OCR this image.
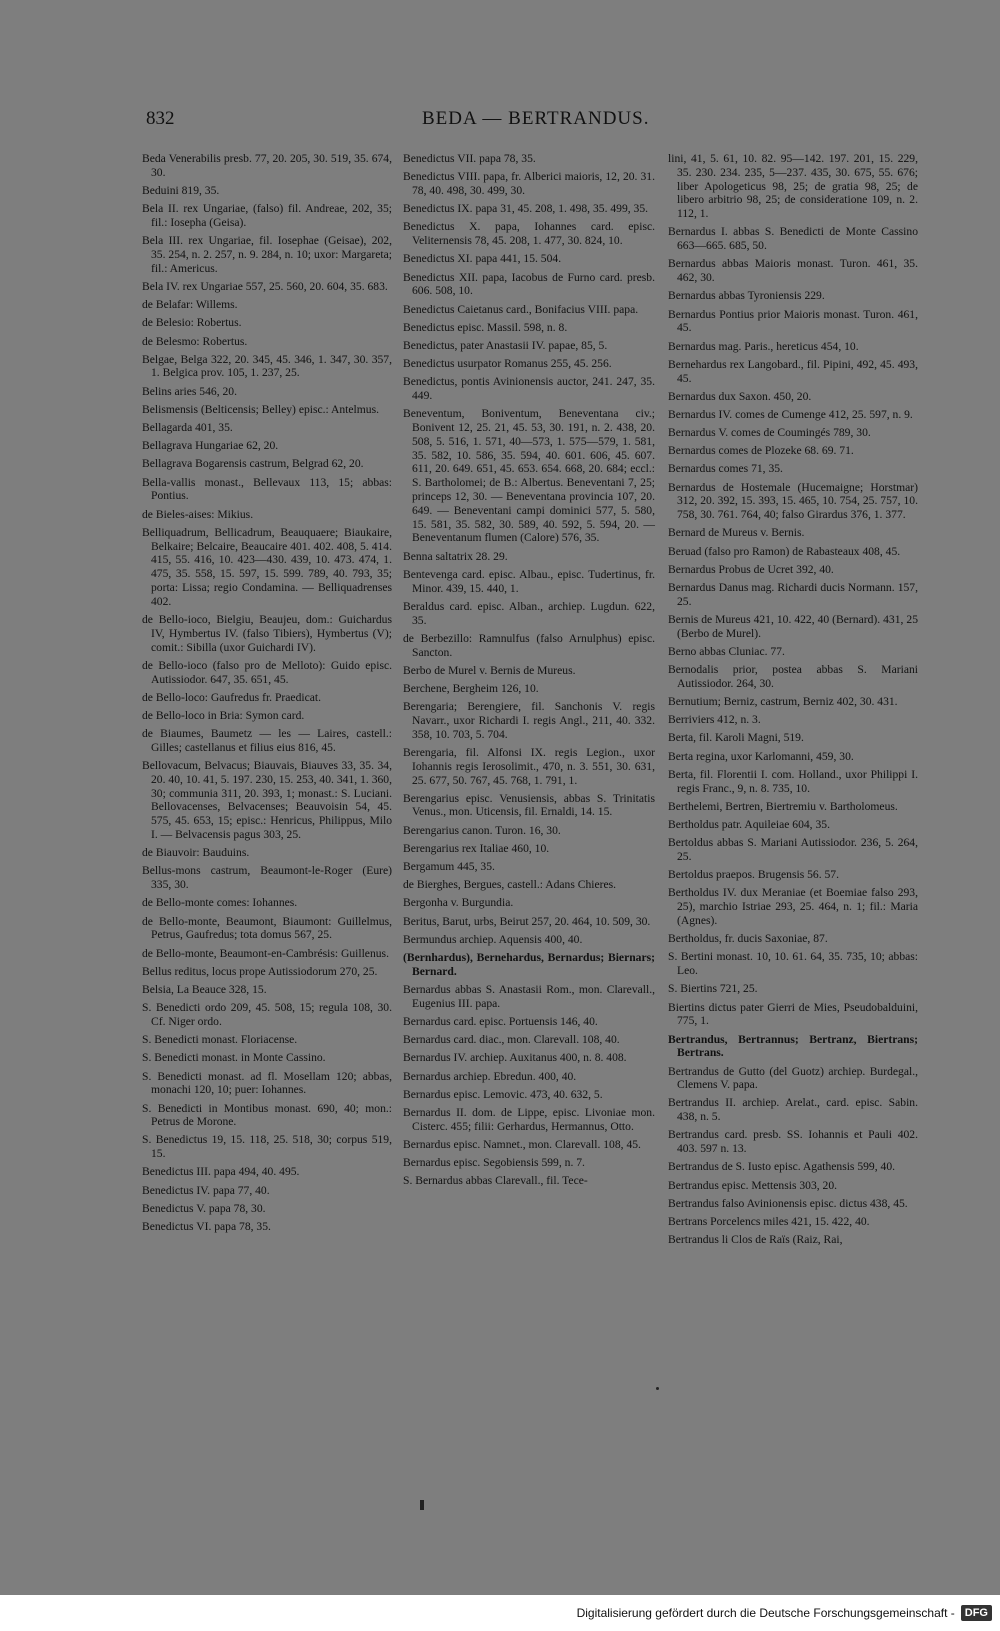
832	BEDA — BERTRANDUS.
Beda Venerabilis presb. 77, 20. 205, 30. 519, 35. 674, 30.
Beduini 819, 35.
Bela II. rex Ungariae, (falso) fil. Andreae, 202, 35; fil.: Iosepha (Geisa).
Bela III. rex Ungariae, fil. Iosephae (Geisae), 202, 35. 254, n. 2. 257, n. 9. 284, n. 10; uxor: Margareta; fil.: Americus.
Bela IV. rex Ungariae 557, 25. 560, 20. 604, 35. 683.
de Belafar: Willems.
de Belesio: Robertus.
de Belesmo: Robertus.
Belgae, Belga 322, 20. 345, 45. 346, 1. 347, 30. 357, 1. Belgica prov. 105, 1. 237, 25.
Belins aries 546, 20.
Belismensis (Belticensis; Belley) episc.: Antelmus.
Bellagarda 401, 35.
Bellagrava Hungariae 62, 20.
Bellagrava Bogarensis castrum, Belgrad 62, 20.
Bella-vallis monast., Bellevaux 113, 15; abbas: Pontius.
de Bieles-aises: Mikius.
Belliquadrum, Bellicadrum, Beauquaere; Biaukaire, Belkaire; Belcaire, Beaucaire 401. 402. 408, 5. 414. 415, 55. 416, 10. 423—430. 439, 10. 473. 474, 1. 475, 35. 558, 15. 597, 15. 599. 789, 40. 793, 35; porta: Lissa; regio Condamina. — Belliquadrenses 402.
de Bello-ioco, Bielgiu, Beaujeu, dom.: Guichardus IV, Hymbertus IV. (falso Tibiers), Hymbertus (V); comit.: Sibilla (uxor Guichardi IV).
de Bello-ioco (falso pro de Melloto): Guido episc. Autissiodor. 647, 35. 651, 45.
de Bello-loco: Gaufredus fr. Praedicat.
de Bello-loco in Bria: Symon card.
de Biaumes, Baumetz — les — Laires, castell.: Gilles; castellanus et filius eius 816, 45.
Bellovacum, Belvacus; Biauvais, Biauves 33, 35. 34, 20. 40, 10. 41, 5. 197. 230, 15. 253, 40. 341, 1. 360, 30; communia 311, 20. 393, 1; monast.: S. Luciani. Bellovacenses, Belvacenses; Beauvoisin 54, 45. 575, 45. 653, 15; episc.: Henricus, Philippus, Milo I. — Belvacensis pagus 303, 25.
de Biauvoir: Bauduins.
Bellus-mons castrum, Beaumont-le-Roger (Eure) 335, 30.
de Bello-monte comes: Iohannes.
de Bello-monte, Beaumont, Biaumont: Guillelmus, Petrus, Gaufredus; tota domus 567, 25.
de Bello-monte, Beaumont-en-Cambrésis: Guillenus.
Bellus reditus, locus prope Autissiodorum 270, 25.
Belsia, La Beauce 328, 15.
S. Benedicti ordo 209, 45. 508, 15; regula 108, 30. Cf. Niger ordo.
S. Benedicti monast. Floriacense.
S. Benedicti monast. in Monte Cassino.
S. Benedicti monast. ad fl. Mosellam 120; abbas, monachi 120, 10; puer: Iohannes.
S. Benedicti in Montibus monast. 690, 40; mon.: Petrus de Morone.
S. Benedictus 19, 15. 118, 25. 518, 30; corpus 519, 15.
Benedictus III. papa 494, 40. 495.
Benedictus IV. papa 77, 40.
Benedictus V. papa 78, 30.
Benedictus VI. papa 78, 35.
Benedictus VII. papa 78, 35.
Benedictus VIII. papa, fr. Alberici maioris, 12, 20. 31. 78, 40. 498, 30. 499, 30.
Benedictus IX. papa 31, 45. 208, 1. 498, 35. 499, 35.
Benedictus X. papa, Iohannes card. episc. Veliternensis 78, 45. 208, 1. 477, 30. 824, 10.
Benedictus XI. papa 441, 15. 504.
Benedictus XII. papa, Iacobus de Furno card. presb. 606. 508, 10.
Benedictus Caietanus card., Bonifacius VIII. papa.
Benedictus episc. Massil. 598, n. 8.
Benedictus, pater Anastasii IV. papae, 85, 5.
Benedictus usurpator Romanus 255, 45. 256.
Benedictus, pontis Avinionensis auctor, 241. 247, 35. 449.
Beneventum, Boniventum, Beneventana civ.; Bonivent 12, 25. 21, 45. 53, 30. 191, n. 2. 438, 20. 508, 5. 516, 1. 571, 40—573, 1. 575—579, 1. 581, 35. 582, 10. 586, 35. 594, 40. 601. 606, 45. 607. 611, 20. 649. 651, 45. 653. 654. 668, 20. 684; eccl.: S. Bartholomei; de B.: Albertus. Beneventani 7, 25; princeps 12, 30. — Beneventana provincia 107, 20. 649. — Beneventani campi dominici 577, 5. 580, 15. 581, 35. 582, 30. 589, 40. 592, 5. 594, 20. — Beneventanum flumen (Calore) 576, 35.
Benna saltatrix 28. 29.
Bentevenga card. episc. Albau., episc. Tudertinus, fr. Minor. 439, 15. 440, 1.
Beraldus card. episc. Alban., archiep. Lugdun. 622, 35.
de Berbezillo: Ramnulfus (falso Arnulphus) episc. Sancton.
Berbo de Murel v. Bernis de Mureus.
Berchene, Bergheim 126, 10.
Berengaria; Berengiere, fil. Sanchonis V. regis Navarr., uxor Richardi I. regis Angl., 211, 40. 332. 358, 10. 703, 5. 704.
Berengaria, fil. Alfonsi IX. regis Legion., uxor Iohannis regis Ierosolimit., 470, n. 3. 551, 30. 631, 25. 677, 50. 767, 45. 768, 1. 791, 1.
Berengarius episc. Venusiensis, abbas S. Trinitatis Venus., mon. Uticensis, fil. Ernaldi, 14. 15.
Berengarius canon. Turon. 16, 30.
Berengarius rex Italiae 460, 10.
Bergamum 445, 35.
de Bierghes, Bergues, castell.: Adans Chieres.
Bergonha v. Burgundia.
Beritus, Barut, urbs, Beirut 257, 20. 464, 10. 509, 30.
Bermundus archiep. Aquensis 400, 40.
(Bernhardus), Bernehardus, Bernardus; Biernars; Bernard.
Bernardus abbas S. Anastasii Rom., mon. Clarevall., Eugenius III. papa.
Bernardus card. episc. Portuensis 146, 40.
Bernardus card. diac., mon. Clarevall. 108, 40.
Bernardus IV. archiep. Auxitanus 400, n. 8. 408.
Bernardus archiep. Ebredun. 400, 40.
Bernardus episc. Lemovic. 473, 40. 632, 5.
Bernardus II. dom. de Lippe, episc. Livoniae mon. Cisterc. 455; filii: Gerhardus, Hermannus, Otto.
Bernardus episc. Namnet., mon. Clarevall. 108, 45.
Bernardus episc. Segobiensis 599, n. 7.
S. Bernardus abbas Clarevall., fil. Tece-
lini, 41, 5. 61, 10. 82. 95—142. 197. 201, 15. 229, 35. 230. 234. 235, 5—237. 435, 30. 675, 55. 676; liber Apologeticus 98, 25; de gratia 98, 25; de libero arbitrio 98, 25; de consideratione 109, n. 2. 112, 1.
Bernardus I. abbas S. Benedicti de Monte Cassino 663—665. 685, 50.
Bernardus abbas Maioris monast. Turon. 461, 35. 462, 30.
Bernardus abbas Tyroniensis 229.
Bernardus Pontius prior Maioris monast. Turon. 461, 45.
Bernardus mag. Paris., hereticus 454, 10.
Bernehardus rex Langobard., fil. Pipini, 492, 45. 493, 45.
Bernardus dux Saxon. 450, 20.
Bernardus IV. comes de Cumenge 412, 25. 597, n. 9.
Bernardus V. comes de Coumingés 789, 30.
Bernardus comes de Plozeke 68. 69. 71.
Bernardus comes 71, 35.
Bernardus de Hostemale (Hucemaigne; Horstmar) 312, 20. 392, 15. 393, 15. 465, 10. 754, 25. 757, 10. 758, 30. 761. 764, 40; falso Girardus 376, 1. 377.
Bernard de Mureus v. Bernis.
Beruad (falso pro Ramon) de Rabasteaux 408, 45.
Bernardus Probus de Ucret 392, 40.
Bernardus Danus mag. Richardi ducis Normann. 157, 25.
Bernis de Mureus 421, 10. 422, 40 (Bernard). 431, 25 (Berbo de Murel).
Berno abbas Cluniac. 77.
Bernodalis prior, postea abbas S. Mariani Autissiodor. 264, 30.
Bernutium; Berniz, castrum, Berniz 402, 30. 431.
Berriviers 412, n. 3.
Berta, fil. Karoli Magni, 519.
Berta regina, uxor Karlomanni, 459, 30.
Berta, fil. Florentii I. com. Holland., uxor Philippi I. regis Franc., 9, n. 8. 735, 10.
Berthelemi, Bertren, Biertremiu v. Bartholomeus.
Bertholdus patr. Aquileiae 604, 35.
Bertoldus abbas S. Mariani Autissiodor. 236, 5. 264, 25.
Bertoldus praepos. Brugensis 56. 57.
Bertholdus IV. dux Meraniae (et Boemiae falso 293, 25), marchio Istriae 293, 25. 464, n. 1; fil.: Maria (Agnes).
Bertholdus, fr. ducis Saxoniae, 87.
S. Bertini monast. 10, 10. 61. 64, 35. 735, 10; abbas: Leo.
S. Biertins 721, 25.
Biertins dictus pater Gierri de Mies, Pseudobalduini, 775, 1.
Bertrandus, Bertrannus; Bertranz, Biertrans; Bertrans.
Bertrandus de Gutto (del Guotz) archiep. Burdegal., Clemens V. papa.
Bertrandus II. archiep. Arelat., card. episc. Sabin. 438, n. 5.
Bertrandus card. presb. SS. Iohannis et Pauli 402. 403. 597 n. 13.
Bertrandus de S. Iusto episc. Agathensis 599, 40.
Bertrandus episc. Mettensis 303, 20.
Bertrandus falso Avinionensis episc. dictus 438, 45.
Bertrans Porcelencs miles 421, 15. 422, 40.
Bertrandus li Clos de Raïs (Raiz, Rai,
Digitalisierung gefördert durch die Deutsche Forschungsgemeinschaft - DFG
